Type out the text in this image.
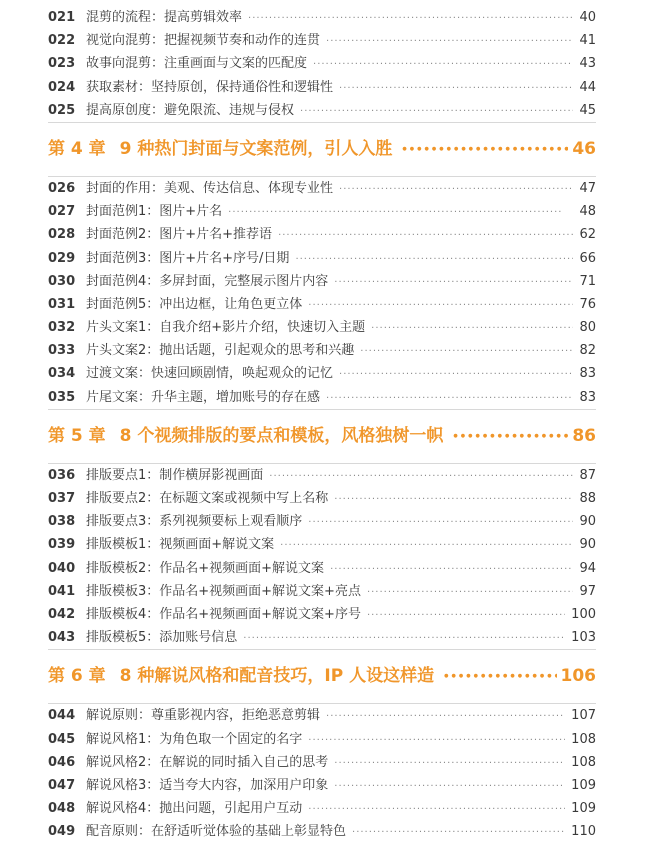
021 混剪的流程：提高剪辑效率 ·····	40
022 视觉向混剪：把握视频节奏和动作的连贯 ·····	41
023 故事向混剪：注重画面与文案的匹配度 ·····	43
024 获取素材：坚持原创，保持通俗性和逻辑性 ·····	44
025 提高原创度：避免限流、违规与侵权 ·····	45
第 4 章 9 种热门封面与文案范例，引人入胜 ●●●●●●●●●●●●●●●●●●●●●●●●●●●●●●●●●●●●●●●●	46
026 封面的作用：美观、传达信息、体现专业性 ·····	47
027 封面范例1：图片+片名 ·····	48
028 封面范例2：图片+片名+推荐语 ·····	62
029 封面范例3：图片+片名+序号/日期 ·····	66
030 封面范例4：多屏封面，完整展示图片内容 ·····	71
031 封面范例5：冲出边框，让角色更立体 ·····	76
032 片头文案1：自我介绍+影片介绍，快速切入主题 ·····	80
033 片头文案2：抛出话题，引起观众的思考和兴趣 ·····	82
034 过渡文案：快速回顾剧情，唤起观众的记忆 ·····	83
035 片尾文案：升华主题，增加账号的存在感 ·····	83
第 5 章 8 个视频排版的要点和模板，风格独树一帜 ●●●●●●●●●●●●●●●●●●●●●●●●●●●●●●●●●●●●●●●●	86
036 排版要点1：制作横屏影视画面 ·····	87
037 排版要点2：在标题文案或视频中写上名称 ·····	88
038 排版要点3：系列视频要标上观看顺序 ·····	90
039 排版模板1：视频画面+解说文案 ·····	90
040 排版模板2：作品名+视频画面+解说文案 ·····	94
041 排版模板3：作品名+视频画面+解说文案+亮点 ·····	97
042 排版模板4：作品名+视频画面+解说文案+序号 ·····	100
043 排版模板5：添加账号信息 ·····	103
第 6 章 8 种解说风格和配音技巧，IP 人设这样造 ●●●●●●●●●●●●●●●●●●●●●●●●●●●●●●●●●●●●●●●●	106
044 解说原则：尊重影视内容，拒绝恶意剪辑 ·····	107
045 解说风格1：为角色取一个固定的名字 ·····	108
046 解说风格2：在解说的同时插入自己的思考 ·····	108
047 解说风格3：适当夸大内容，加深用户印象 ·····	109
048 解说风格4：抛出问题，引起用户互动 ·····	109
049 配音原则：在舒适听觉体验的基础上彰显特色 ·····	110
